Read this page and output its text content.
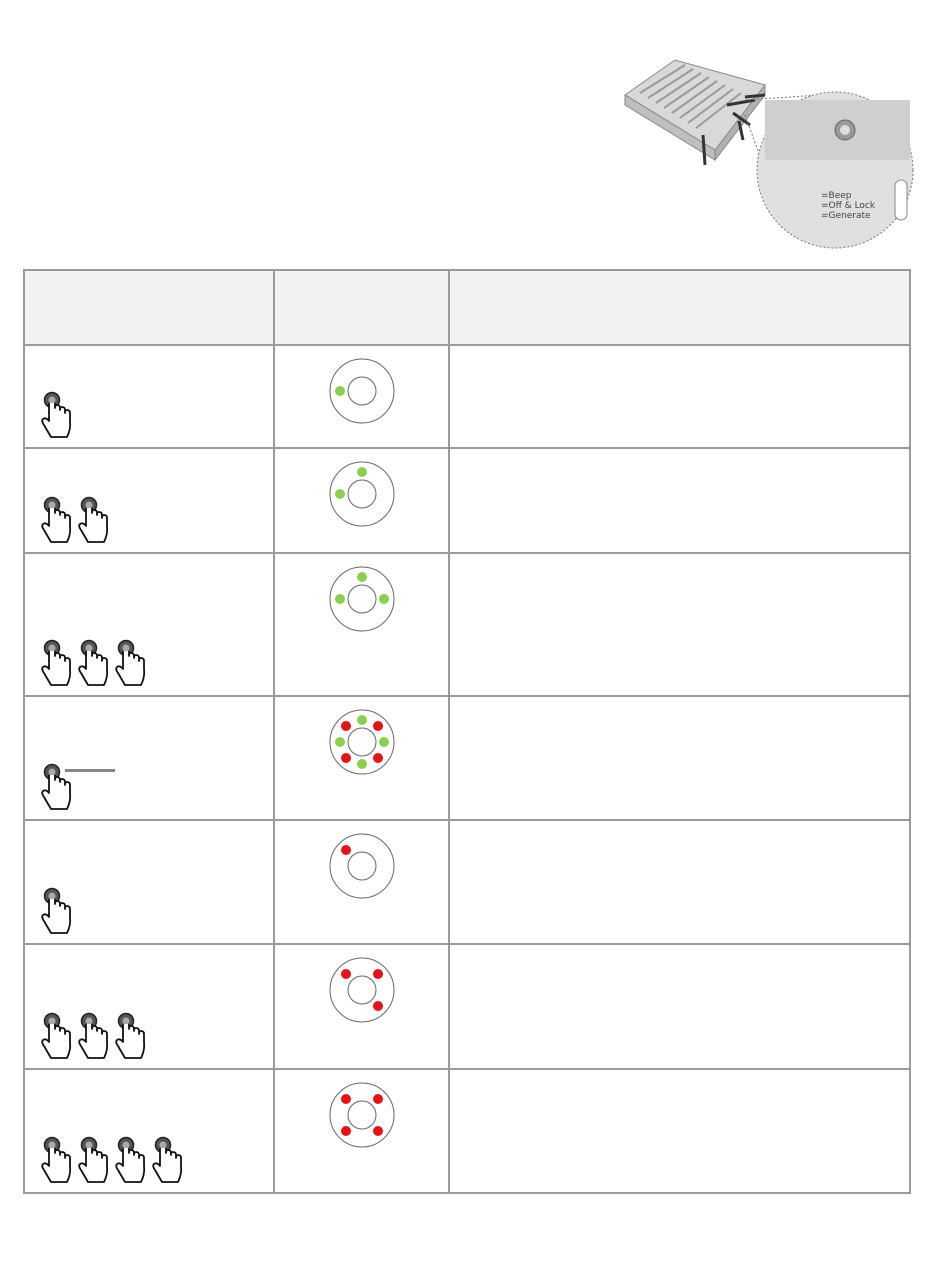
=Beep
=Off & Lock
=Generate
